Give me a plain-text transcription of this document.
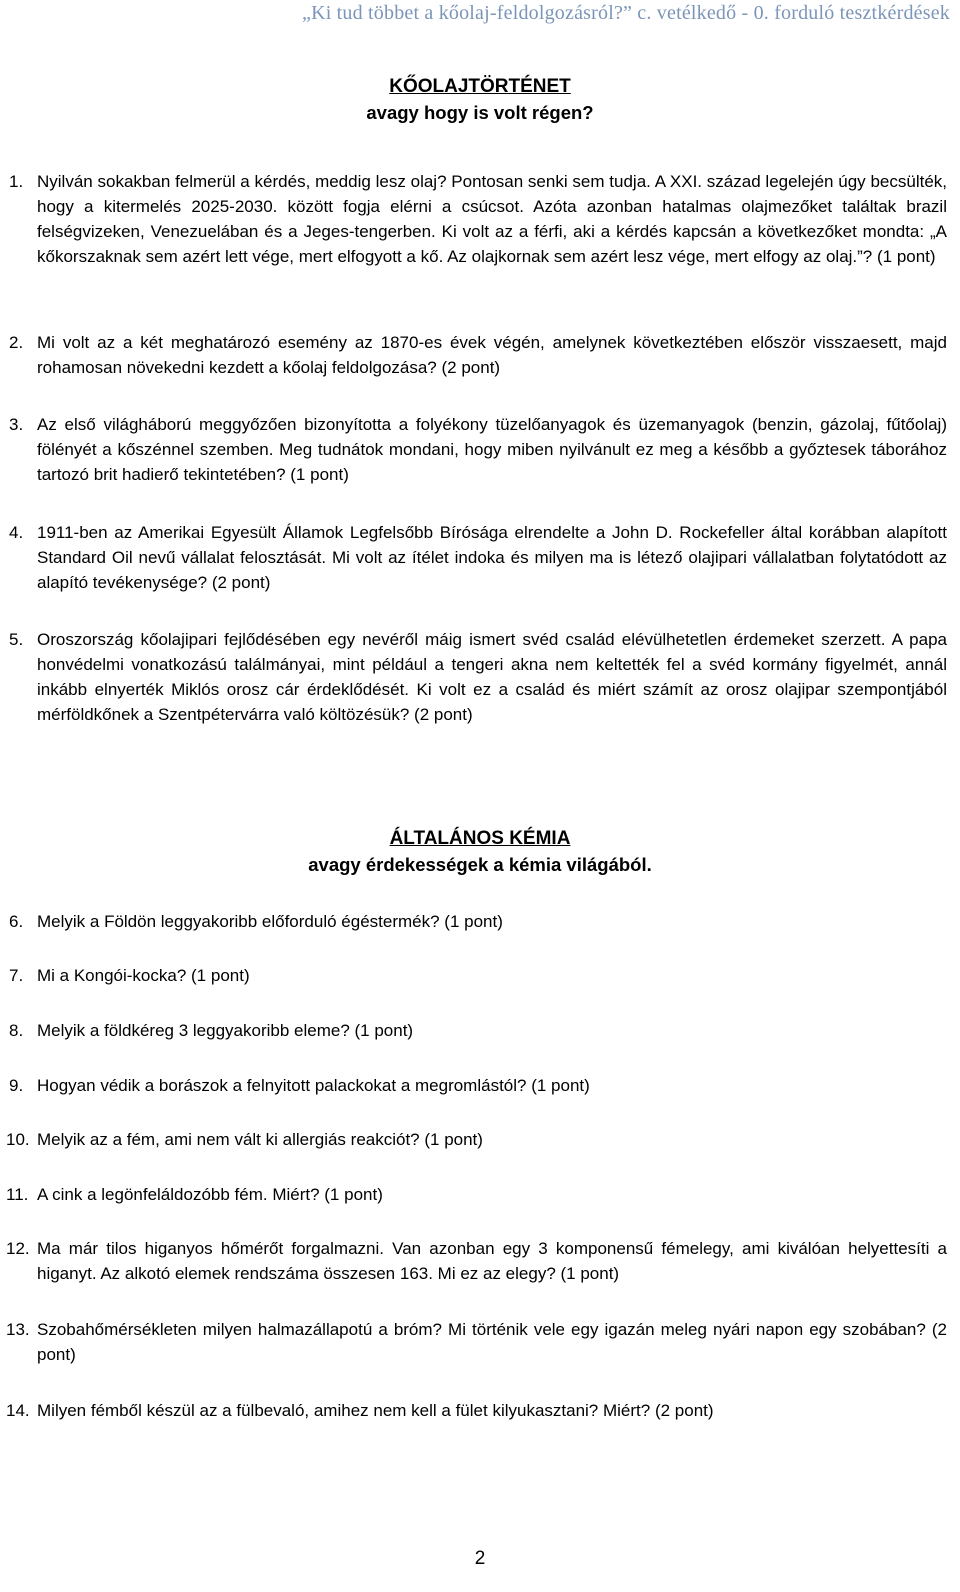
„Ki tud többet a kőolaj-feldolgozásról?” c. vetélkedő - 0. forduló tesztkérdések
KŐOLAJTÖRTÉNET
avagy hogy is volt régen?
1. Nyilván sokakban felmerül a kérdés, meddig lesz olaj? Pontosan senki sem tudja. A XXI. század legelején úgy becsülték, hogy a kitermelés 2025-2030. között fogja elérni a csúcsot. Azóta azonban hatalmas olajmezőket találtak brazil felségvizeken, Venezuelában és a Jeges-tengerben. Ki volt az a férfi, aki a kérdés kapcsán a következőket mondta: „A kőkorszaknak sem azért lett vége, mert elfogyott a kő. Az olajkornak sem azért lesz vége, mert elfogy az olaj.”? (1 pont)
2. Mi volt az a két meghatározó esemény az 1870-es évek végén, amelynek következtében először visszaesett, majd rohamosan növekedni kezdett a kőolaj feldolgozása? (2 pont)
3. Az első világháború meggyőzően bizonyította a folyékony tüzelőanyagok és üzemanyagok (benzin, gázolaj, fűtőolaj) fölényét a kőszénnel szemben. Meg tudnátok mondani, hogy miben nyilvánult ez meg a később a győztesek táborához tartozó brit hadierő tekintetében? (1 pont)
4. 1911-ben az Amerikai Egyesült Államok Legfelsőbb Bírósága elrendelte a John D. Rockefeller által korábban alapított Standard Oil nevű vállalat felosztását. Mi volt az ítélet indoka és milyen ma is létező olajipari vállalatban folytatódott az alapító tevékenysége? (2 pont)
5. Oroszország kőolajipari fejlődésében egy nevéről máig ismert svéd család elévülhetetlen érdemeket szerzett. A papa honvédelmi vonatkozású találmányai, mint például a tengeri akna nem keltették fel a svéd kormány figyelmét, annál inkább elnyerték Miklós orosz cár érdeklődését. Ki volt ez a család és miért számít az orosz olajipar szempontjából mérföldkőnek a Szentpétervárra való költözésük? (2 pont)
ÁLTALÁNOS KÉMIA
avagy érdekességek a kémia világából.
6. Melyik a Földön leggyakoribb előforduló égéstermék? (1 pont)
7. Mi a Kongói-kocka? (1 pont)
8. Melyik a földkéreg 3 leggyakoribb eleme? (1 pont)
9. Hogyan védik a borászok a felnyitott palackokat a megromlástól? (1 pont)
10. Melyik az a fém, ami nem vált ki allergiás reakciót? (1 pont)
11. A cink a legönfeláldozóbb fém. Miért? (1 pont)
12. Ma már tilos higanyos hőmérőt forgalmazni. Van azonban egy 3 komponensű fémelegy, ami kiválóan helyettesíti a higanyt. Az alkotó elemek rendszáma összesen 163. Mi ez az elegy? (1 pont)
13. Szobahőmérsékleten milyen halmazállapotú a bróm? Mi történik vele egy igazán meleg nyári napon egy szobában? (2 pont)
14. Milyen fémből készül az a fülbevaló, amihez nem kell a fület kilyukasztani? Miért? (2 pont)
2
